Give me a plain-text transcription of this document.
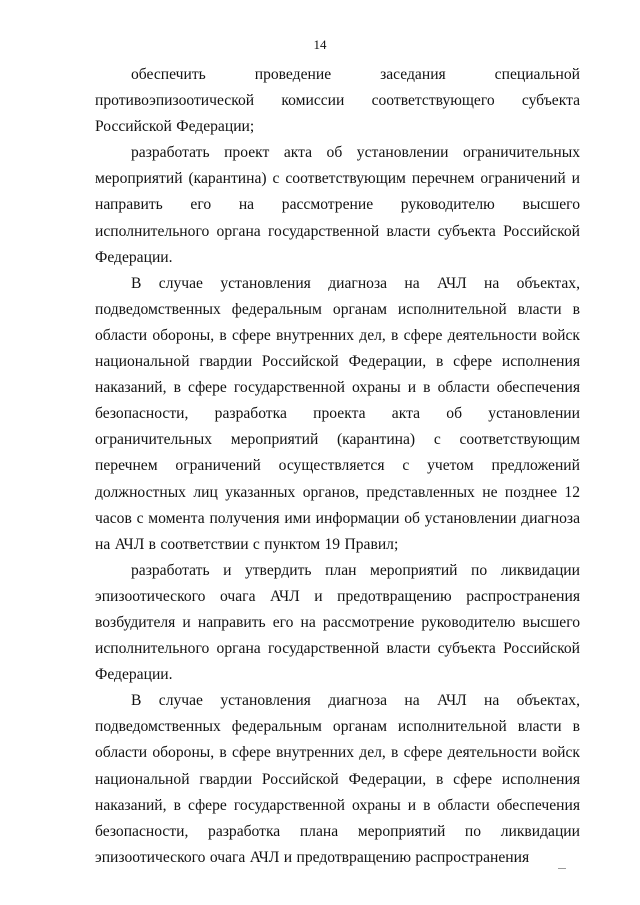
14

обеспечить проведение заседания специальной противоэпизоотической комиссии соответствующего субъекта Российской Федерации;

разработать проект акта об установлении ограничительных мероприятий (карантина) с соответствующим перечнем ограничений и направить его на рассмотрение руководителю высшего исполнительного органа государственной власти субъекта Российской Федерации.

В случае установления диагноза на АЧЛ на объектах, подведомственных федеральным органам исполнительной власти в области обороны, в сфере внутренних дел, в сфере деятельности войск национальной гвардии Российской Федерации, в сфере исполнения наказаний, в сфере государственной охраны и в области обеспечения безопасности, разработка проекта акта об установлении ограничительных мероприятий (карантина) с соответствующим перечнем ограничений осуществляется с учетом предложений должностных лиц указанных органов, представленных не позднее 12 часов с момента получения ими информации об установлении диагноза на АЧЛ в соответствии с пунктом 19 Правил;

разработать и утвердить план мероприятий по ликвидации эпизоотического очага АЧЛ и предотвращению распространения возбудителя и направить его на рассмотрение руководителю высшего исполнительного органа государственной власти субъекта Российской Федерации.

В случае установления диагноза на АЧЛ на объектах, подведомственных федеральным органам исполнительной власти в области обороны, в сфере внутренних дел, в сфере деятельности войск национальной гвардии Российской Федерации, в сфере исполнения наказаний, в сфере государственной охраны и в области обеспечения безопасности, разработка плана мероприятий по ликвидации эпизоотического очага АЧЛ и предотвращению распространения
